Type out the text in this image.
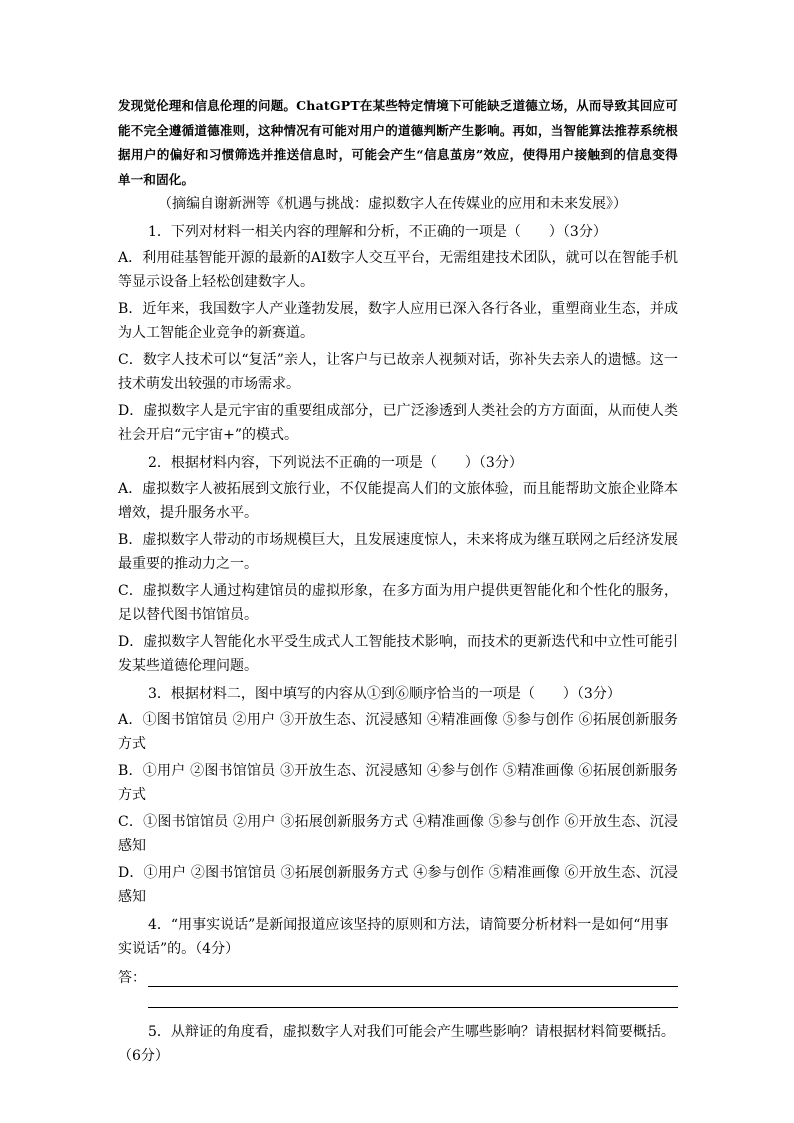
发现觉伦理和信息伦理的问题。ChatGPT在某些特定情境下可能缺乏道德立场，从而导致其回应可能不完全遵循道德准则，这种情况有可能对用户的道德判断产生影响。再如，当智能算法推荐系统根据用户的偏好和习惯筛选并推送信息时，可能会产生“信息茧房”效应，使得用户接触到的信息变得单一和固化。

（摘编自谢新洲等《机遇与挑战：虚拟数字人在传媒业的应用和未来发展》）

1．下列对材料一相关内容的理解和分析，不正确的一项是（　　）（3分）

A．利用硅基智能开源的最新的AI数字人交互平台，无需组建技术团队，就可以在智能手机等显示设备上轻松创建数字人。

B．近年来，我国数字人产业蓬勃发展，数字人应用已深入各行各业，重塑商业生态，并成为人工智能企业竞争的新赛道。

C．数字人技术可以“复活”亲人，让客户与已故亲人视频对话，弥补失去亲人的遗憾。这一技术萌发出较强的市场需求。

D．虚拟数字人是元宇宙的重要组成部分，已广泛渗透到人类社会的方方面面，从而使人类社会开启“元宇宙+”的模式。

2．根据材料内容，下列说法不正确的一项是（　　）（3分）

A．虚拟数字人被拓展到文旅行业，不仅能提高人们的文旅体验，而且能帮助文旅企业降本增效，提升服务水平。

B．虚拟数字人带动的市场规模巨大，且发展速度惊人，未来将成为继互联网之后经济发展最重要的推动力之一。

C．虚拟数字人通过构建馆员的虚拟形象，在多方面为用户提供更智能化和个性化的服务，足以替代图书馆馆员。

D．虚拟数字人智能化水平受生成式人工智能技术影响，而技术的更新迭代和中立性可能引发某些道德伦理问题。

3．根据材料二，图中填写的内容从①到⑥顺序恰当的一项是（　　）（3分）

A．①图书馆馆员 ②用户 ③开放生态、沉浸感知 ④精准画像 ⑤参与创作 ⑥拓展创新服务方式

B．①用户 ②图书馆馆员 ③开放生态、沉浸感知 ④参与创作 ⑤精准画像 ⑥拓展创新服务方式

C．①图书馆馆员 ②用户 ③拓展创新服务方式 ④精准画像 ⑤参与创作 ⑥开放生态、沉浸感知

D．①用户 ②图书馆馆员 ③拓展创新服务方式 ④参与创作 ⑤精准画像 ⑥开放生态、沉浸感知

4．“用事实说话”是新闻报道应该坚持的原则和方法，请简要分析材料一是如何“用事实说话”的。（4分）

答：

5．从辩证的角度看，虚拟数字人对我们可能会产生哪些影响？请根据材料简要概括。（6分）
